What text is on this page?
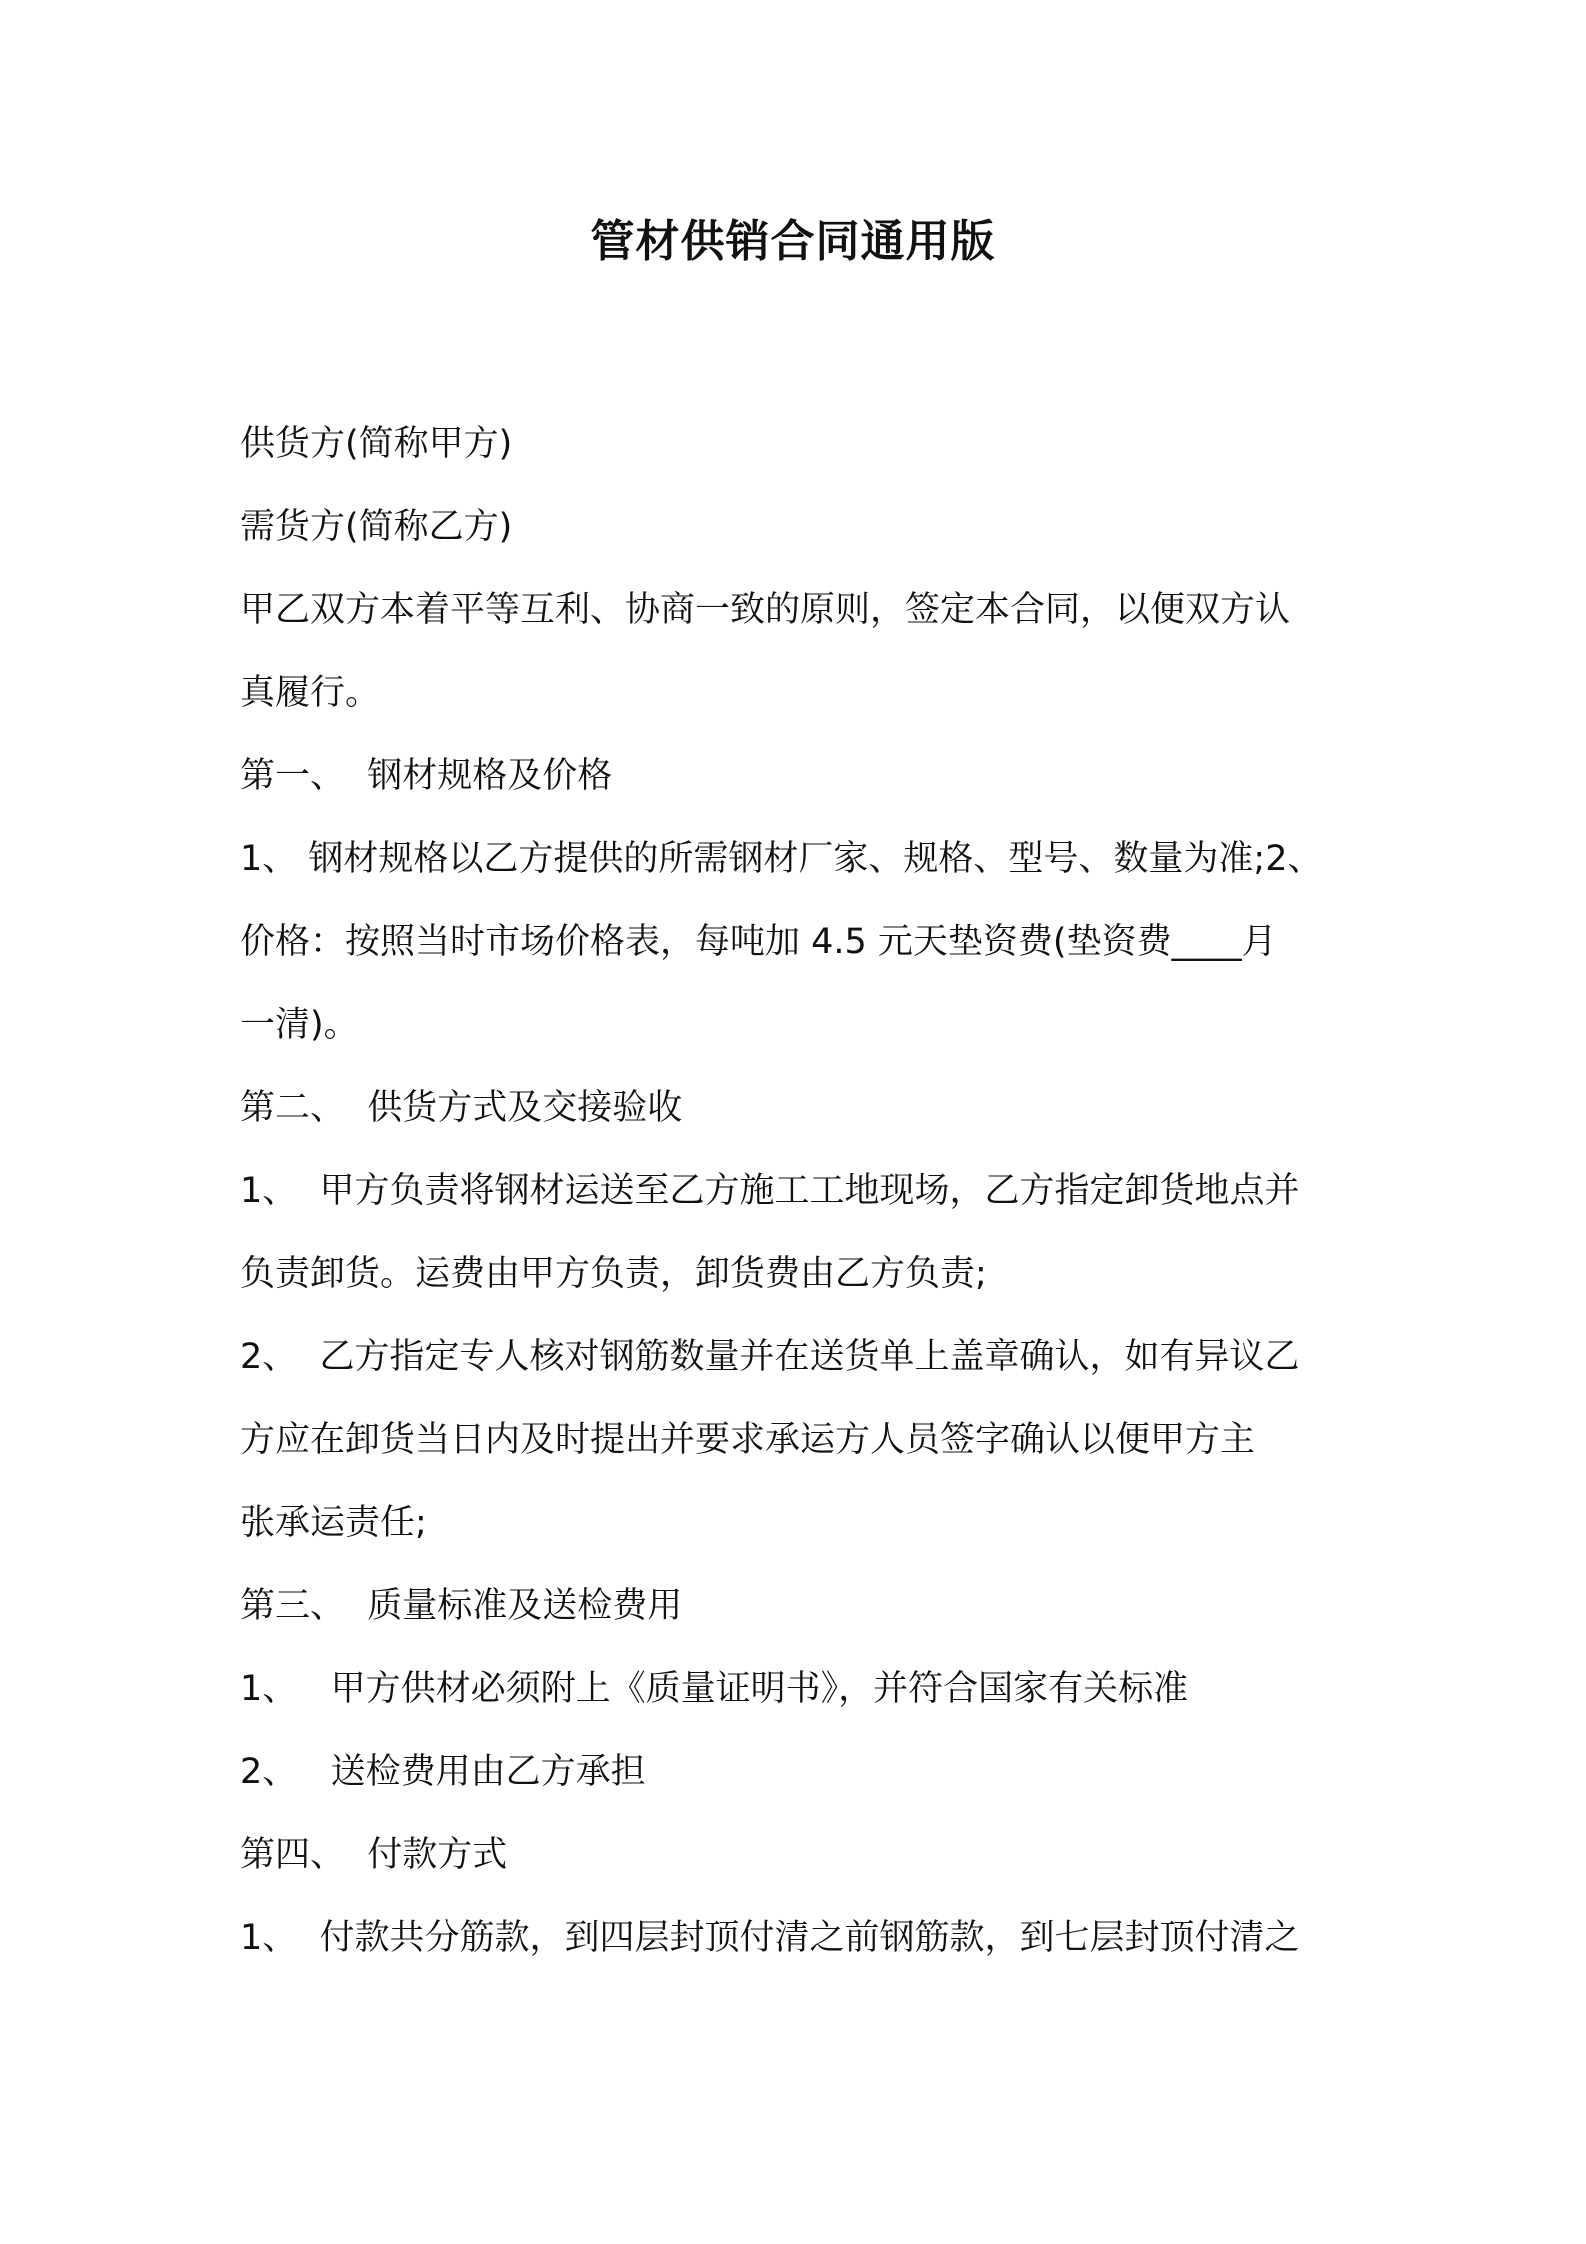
管材供销合同通用版
供货方(简称甲方)
需货方(简称乙方)
甲乙双方本着平等互利、协商一致的原则，签定本合同，以便双方认
真履行。
第一、  钢材规格及价格
1、 钢材规格以乙方提供的所需钢材厂家、规格、型号、数量为准;2、
价格：按照当时市场价格表，每吨加 4.5 元天垫资费(垫资费____月
一清)。
第二、  供货方式及交接验收
1、  甲方负责将钢材运送至乙方施工工地现场，乙方指定卸货地点并
负责卸货。运费由甲方负责，卸货费由乙方负责;
2、  乙方指定专人核对钢筋数量并在送货单上盖章确认，如有异议乙
方应在卸货当日内及时提出并要求承运方人员签字确认以便甲方主
张承运责任;
第三、  质量标准及送检费用
1、   甲方供材必须附上《质量证明书》，并符合国家有关标准
2、   送检费用由乙方承担
第四、  付款方式
1、  付款共分筋款，到四层封顶付清之前钢筋款，到七层封顶付清之
